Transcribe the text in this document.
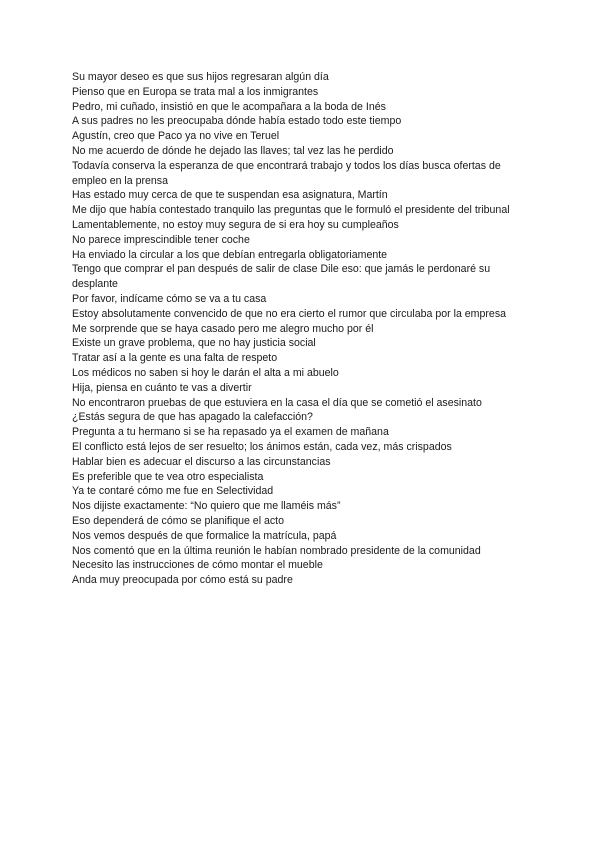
Su mayor deseo es que sus hijos regresaran algún día

Pienso que en Europa se trata mal a los inmigrantes

Pedro, mi cuñado, insistió en que le acompañara a la boda de Inés

A sus padres no les preocupaba dónde había estado todo este tiempo

Agustín, creo que Paco ya no vive en Teruel

No me acuerdo de dónde he dejado las llaves; tal vez las he perdido

Todavía conserva la esperanza de que encontrará trabajo y todos los días busca ofertas de empleo en la prensa

Has estado muy cerca de que te suspendan esa asignatura, Martín

Me dijo que había contestado tranquilo las preguntas que le formuló el presidente del tribunal

Lamentablemente, no estoy muy segura de si era hoy su cumpleaños

No parece imprescindible tener coche

Ha enviado la circular a los que debían entregarla obligatoriamente

Tengo que comprar el pan después de salir de clase Dile eso: que jamás le perdonaré su desplante

Por favor, indícame cómo se va a tu casa

Estoy absolutamente convencido de que no era cierto el rumor que circulaba por la empresa

Me sorprende que se haya casado pero me alegro mucho por él

Existe un grave problema, que no hay justicia social

Tratar así a la gente es una falta de respeto

Los médicos no saben si hoy le darán el alta a mi abuelo

Hija, piensa en cuánto te vas a divertir

No encontraron pruebas de que estuviera en la casa el día que se cometió el asesinato

¿Estás segura de que has apagado la calefacción?

Pregunta a tu hermano si se ha repasado ya el examen de mañana

El conflicto está lejos de ser resuelto; los ánimos están, cada vez, más crispados

Hablar bien es adecuar el discurso a las circunstancias

Es preferible que te vea otro especialista

Ya te contaré cómo me fue en Selectividad

Nos dijiste exactamente: “No quiero que me llaméis más”

Eso dependerá de cómo se planifique el acto

Nos vemos después de que formalice la matrícula, papá

Nos comentó que en la última reunión le habían nombrado presidente de la comunidad

Necesito las instrucciones de cómo montar el mueble

Anda muy preocupada por cómo está su padre
